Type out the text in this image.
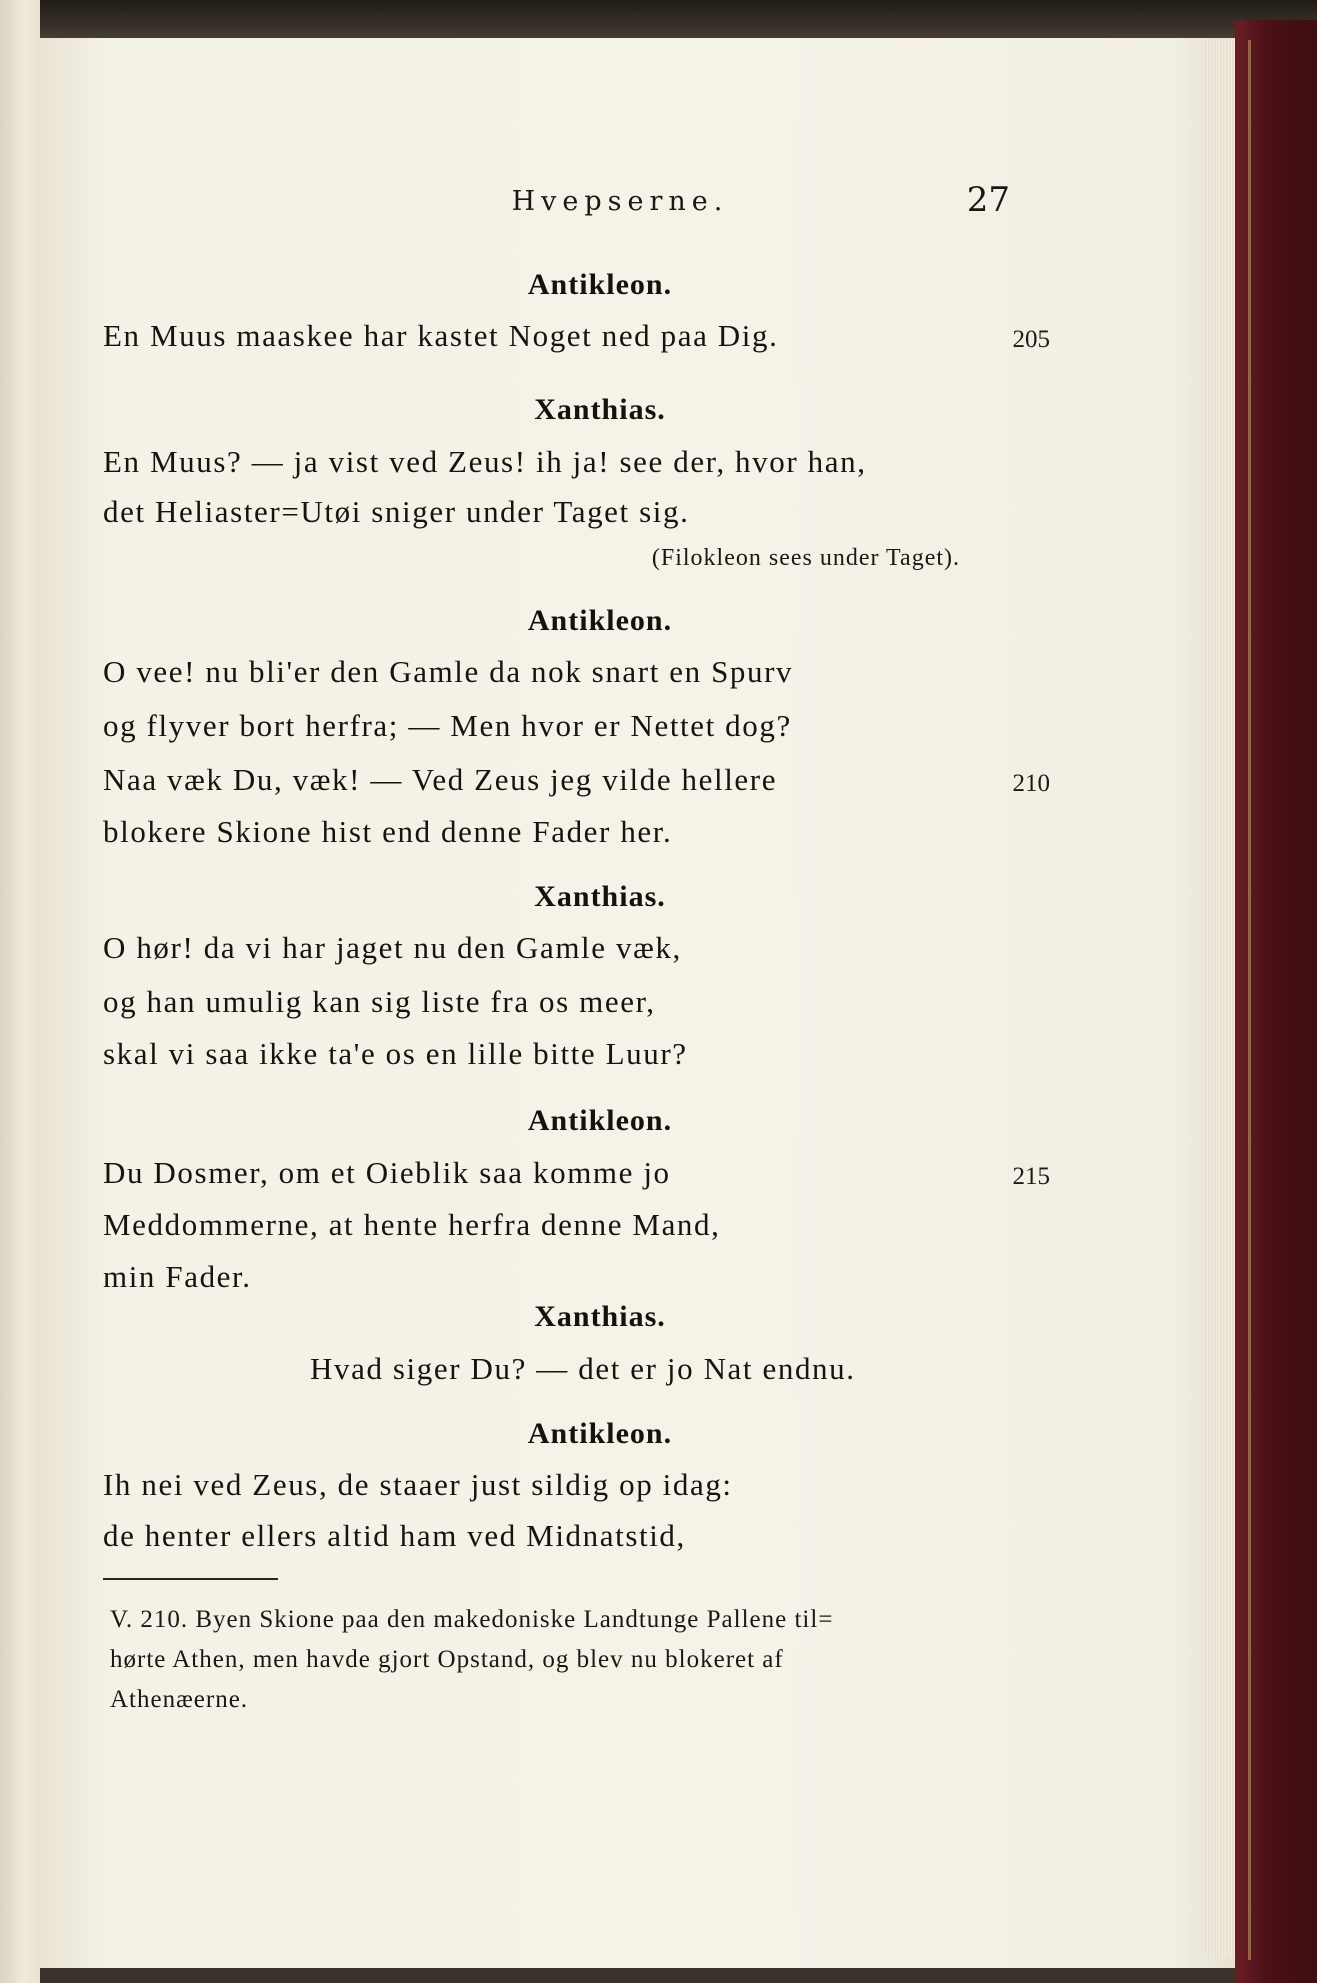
Hvepserne.	27
Antikleon.
En Muus maaskee har kastet Noget ned paa Dig.	205
Xanthias.
En Muus? — ja vist ved Zeus! ih ja! see der, hvor han,
det Heliaster=Utøi sniger under Taget sig.
(Filokleon sees under Taget).
Antikleon.
O vee! nu bli'er den Gamle da nok snart en Spurv
og flyver bort herfra; — Men hvor er Nettet dog?
Naa væk Du, væk! — Ved Zeus jeg vilde hellere	210
blokere Skione hist end denne Fader her.
Xanthias.
O hør! da vi har jaget nu den Gamle væk,
og han umulig kan sig liste fra os meer,
skal vi saa ikke ta'e os en lille bitte Luur?
Antikleon.
Du Dosmer, om et Oieblik saa komme jo	215
Meddommerne, at hente herfra denne Mand,
min Fader.
Xanthias.
Hvad siger Du? — det er jo Nat endnu.
Antikleon.
Ih nei ved Zeus, de staaer just sildig op idag:
de henter ellers altid ham ved Midnatstid,
V. 210. Byen Skione paa den makedoniske Landtunge Pallene til=
hørte Athen, men havde gjort Opstand, og blev nu blokeret af
Athenæerne.
